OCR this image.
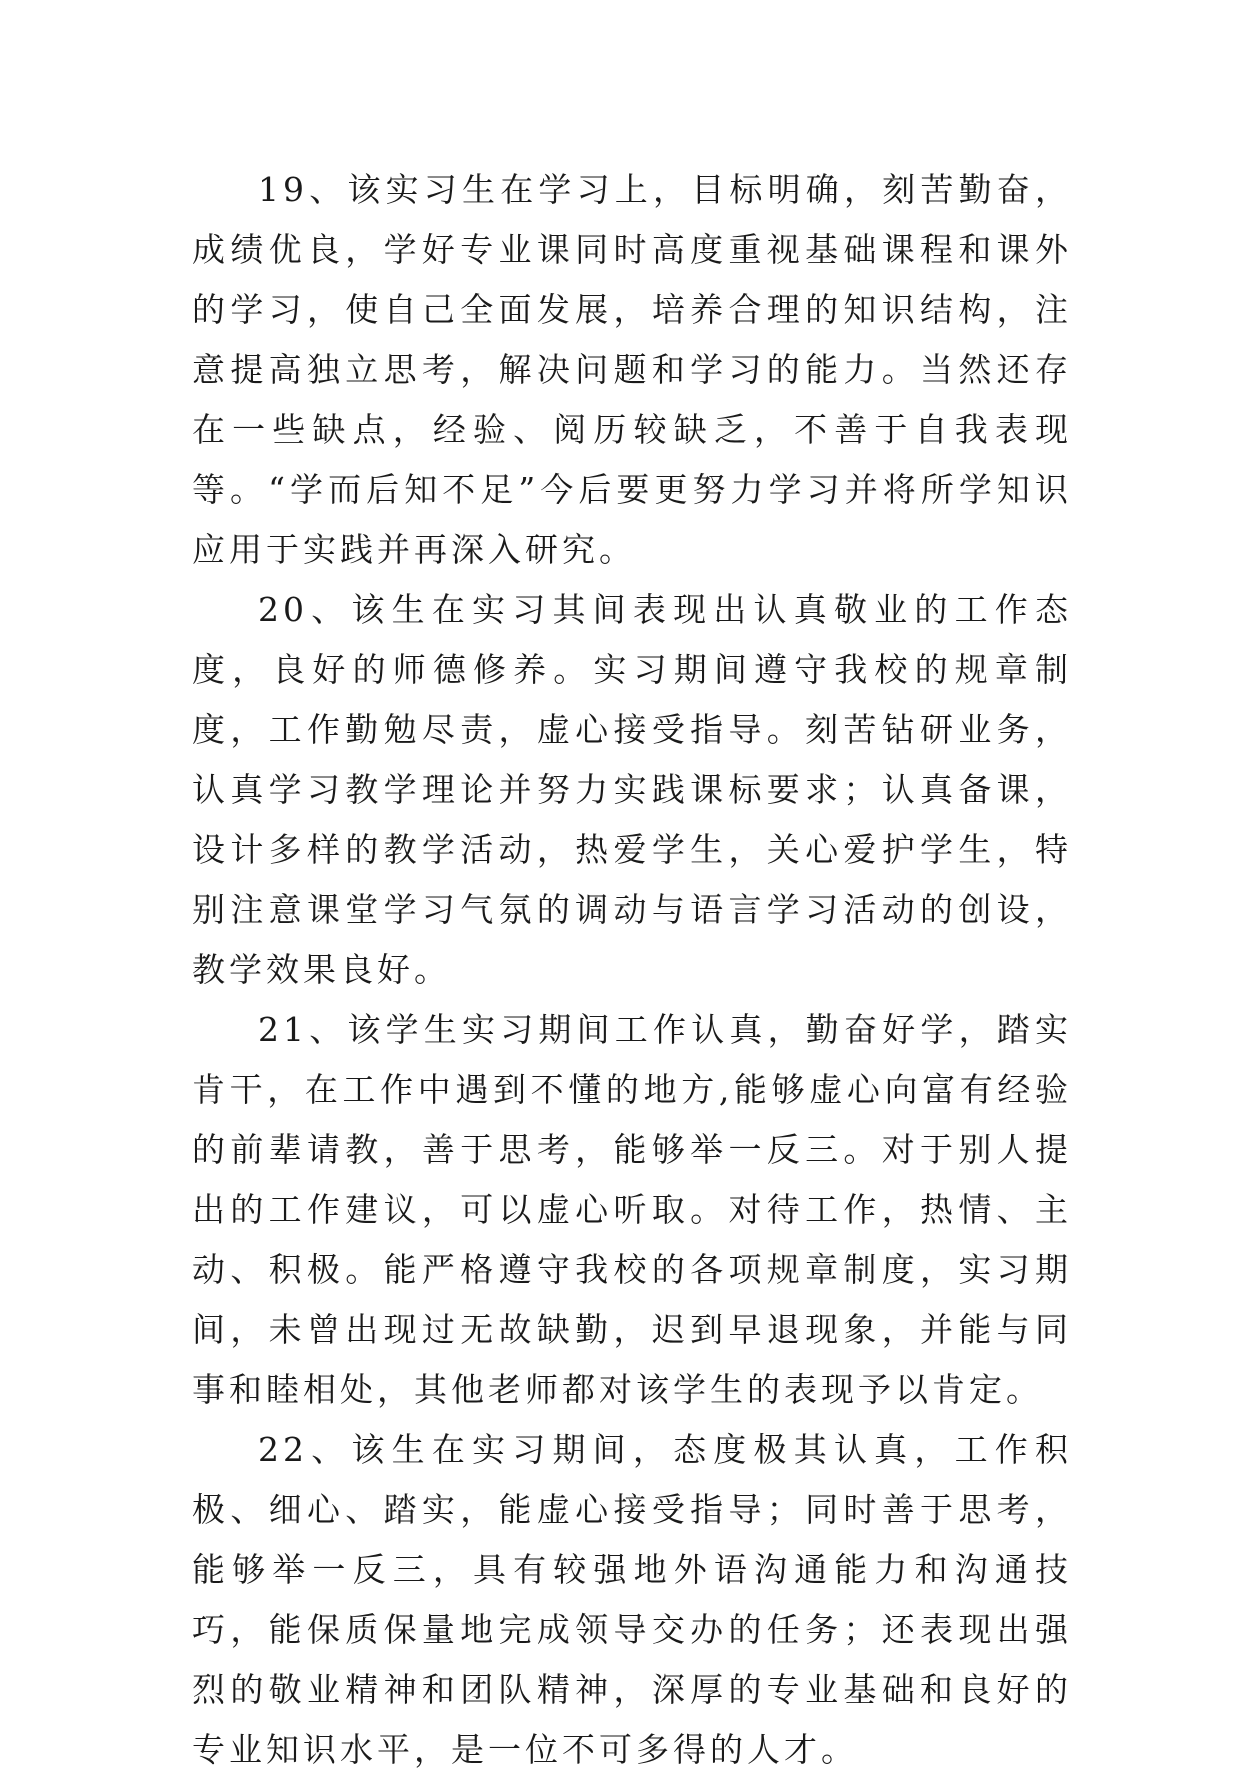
19、该实习生在学习上，目标明确，刻苦勤奋，成绩优良，学好专业课同时高度重视基础课程和课外的学习，使自己全面发展，培养合理的知识结构，注意提高独立思考，解决问题和学习的能力。当然还存在一些缺点，经验、阅历较缺乏，不善于自我表现等。“学而后知不足”今后要更努力学习并将所学知识应用于实践并再深入研究。

20、该生在实习其间表现出认真敬业的工作态度，良好的师德修养。实习期间遵守我校的规章制度，工作勤勉尽责，虚心接受指导。刻苦钻研业务，认真学习教学理论并努力实践课标要求；认真备课，设计多样的教学活动，热爱学生，关心爱护学生，特别注意课堂学习气氛的调动与语言学习活动的创设，教学效果良好。

21、该学生实习期间工作认真，勤奋好学，踏实肯干，在工作中遇到不懂的地方,能够虚心向富有经验的前辈请教，善于思考，能够举一反三。对于别人提出的工作建议，可以虚心听取。对待工作，热情、主动、积极。能严格遵守我校的各项规章制度，实习期间，未曾出现过无故缺勤，迟到早退现象，并能与同事和睦相处，其他老师都对该学生的表现予以肯定。

22、该生在实习期间，态度极其认真，工作积极、细心、踏实，能虚心接受指导；同时善于思考，能够举一反三，具有较强地外语沟通能力和沟通技巧，能保质保量地完成领导交办的任务；还表现出强烈的敬业精神和团队精神，深厚的专业基础和良好的专业知识水平，是一位不可多得的人才。
